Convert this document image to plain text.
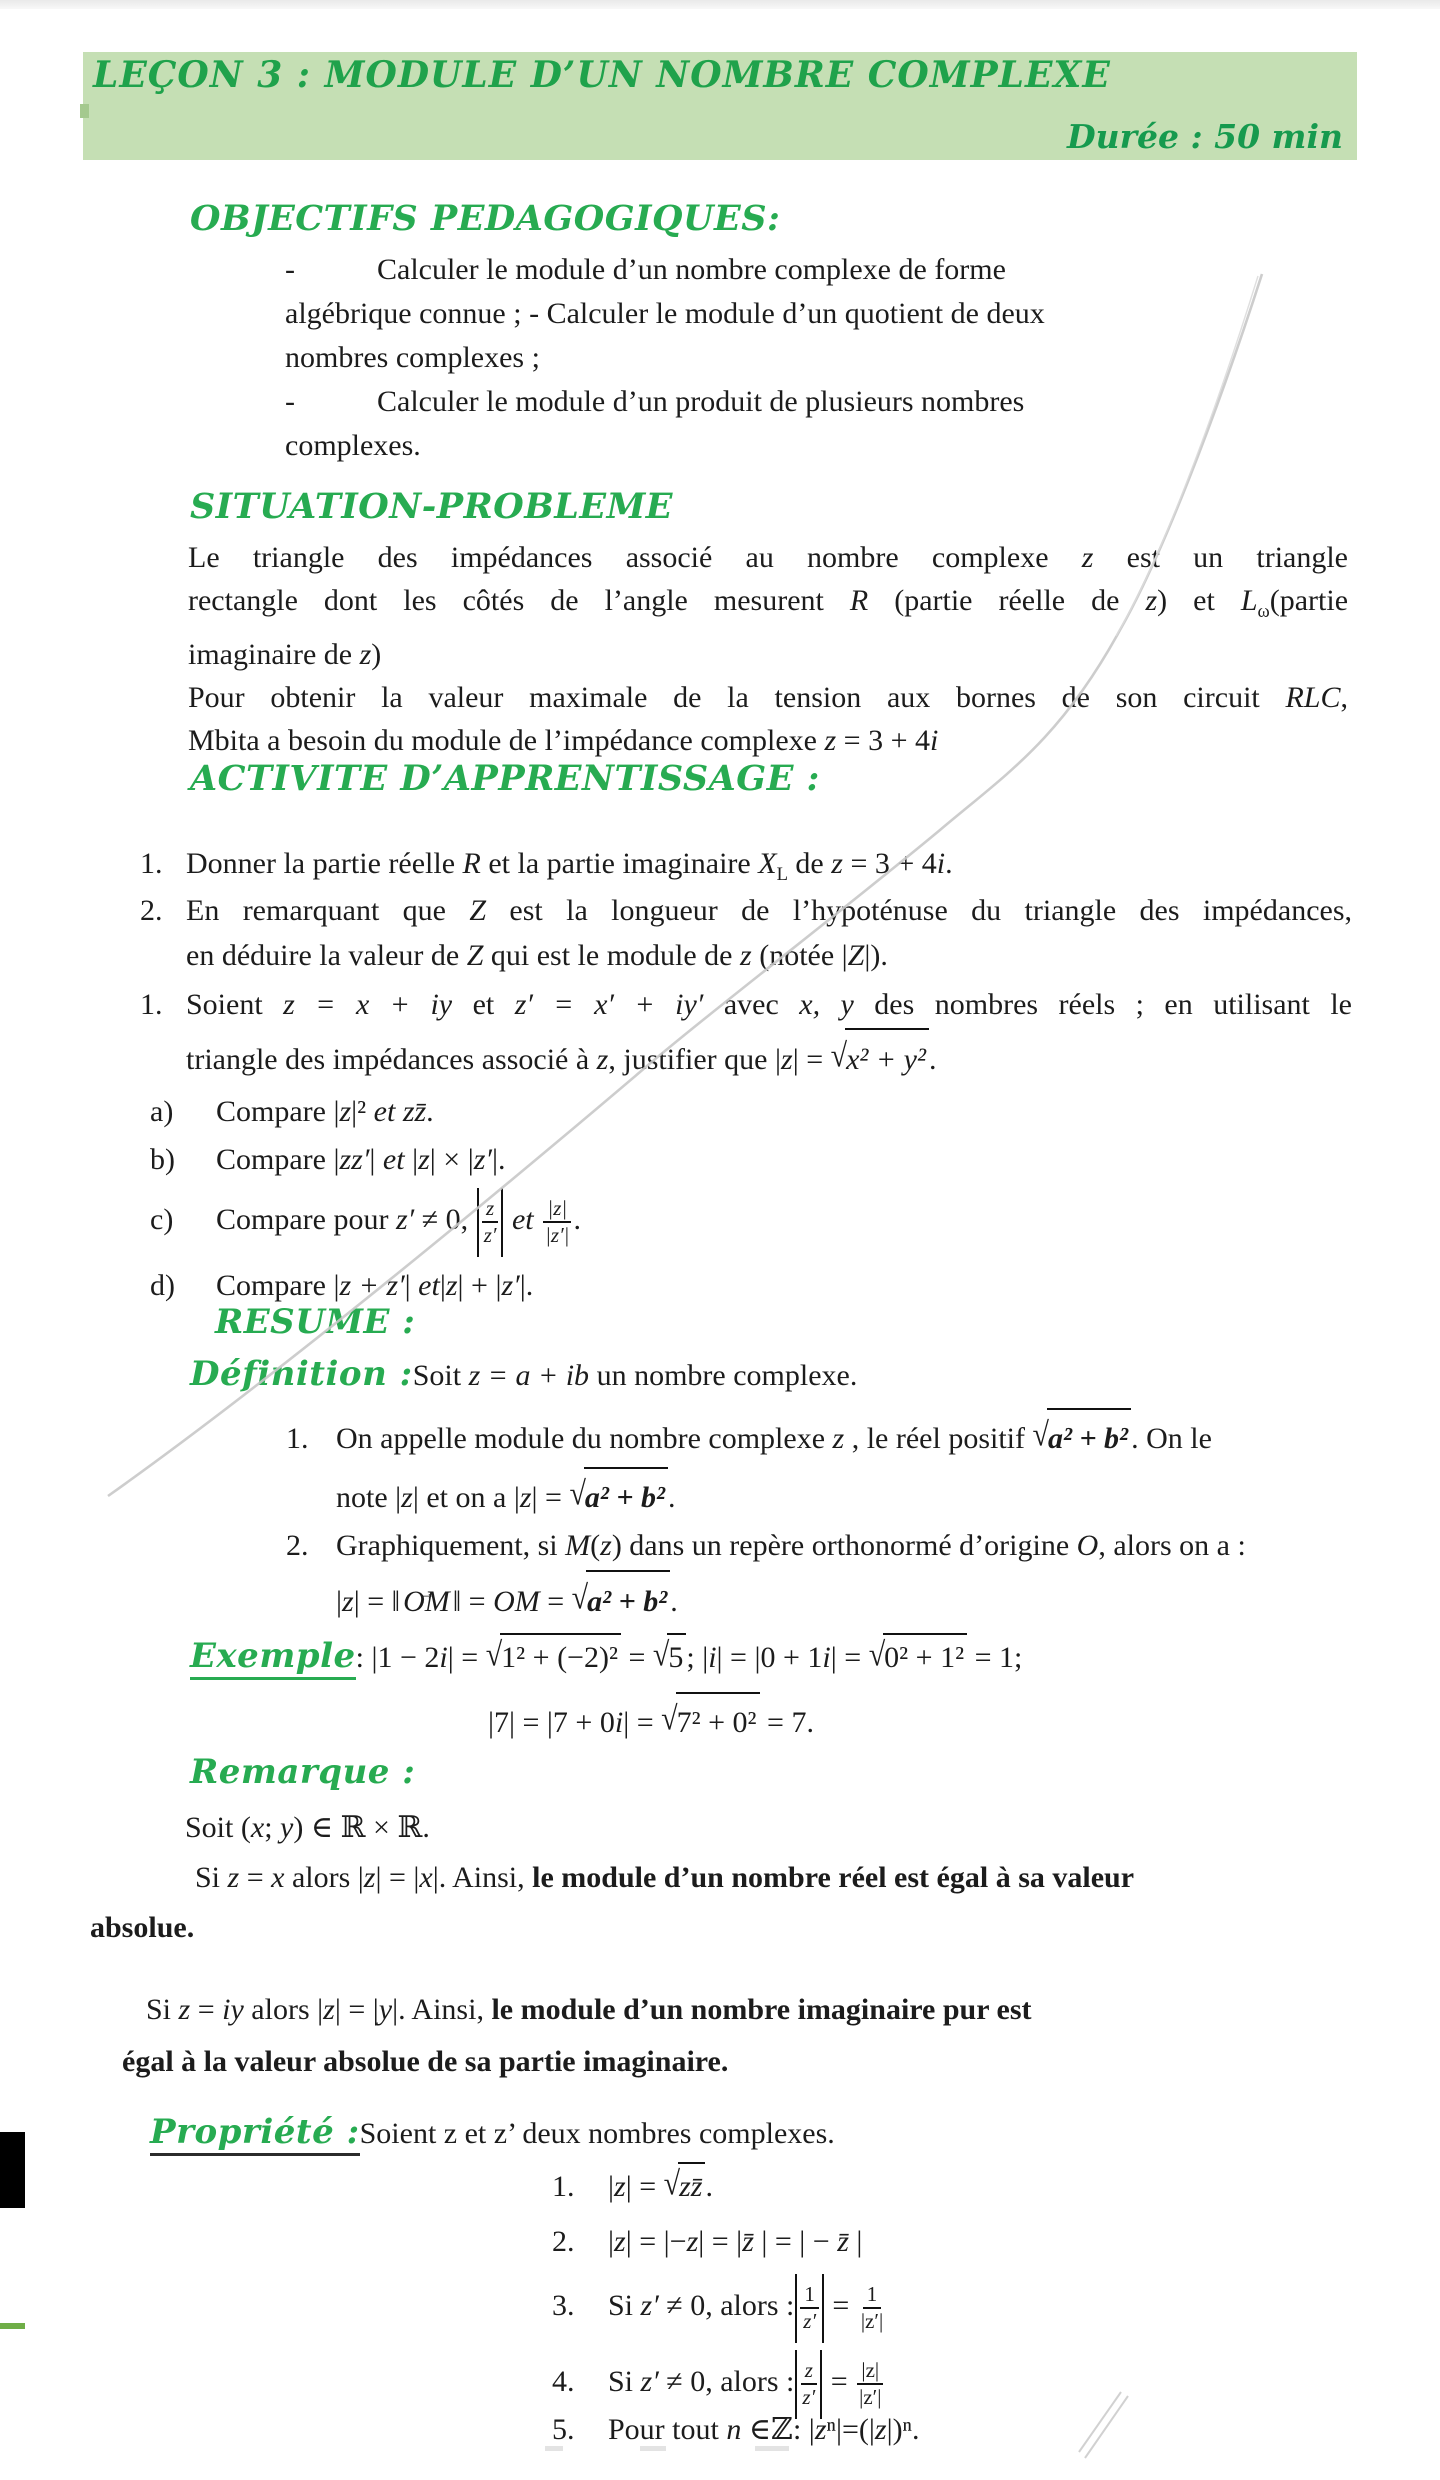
LEÇON 3 : MODULE D’UN NOMBRE COMPLEXE
Durée : 50 min
OBJECTIFS PEDAGOGIQUES:
-	Calculer le module d’un nombre complexe de forme
algébrique connue ; - Calculer le module d’un quotient de deux
nombres complexes ;
-	Calculer le module d’un produit de plusieurs nombres
complexes.
SITUATION-PROBLEME
Le triangle des impédances associé au nombre complexe z est un triangle
rectangle dont les côtés de l’angle mesurent R (partie réelle de z) et $L_\omega(partie$
imaginaire de z)
Pour obtenir la valeur maximale de la tension aux bornes de son circuit RLC,
Mbita a besoin du module de l’impédance complexe z = 3 + 4i
ACTIVITE D’APPRENTISSAGE :
1. Donner la partie réelle R et la partie imaginaire $X_L$ de z = 3 + 4i.
2. En remarquant que Z est la longueur de l’hypoténuse du triangle des impédances,
en déduire la valeur de Z qui est le module de z (notée |Z|).
1. Soient z = x + iy et z′ = x′ + iy′ avec x, y des nombres réels ; en utilisant le
triangle des impédances associé à z, justifier que |z| = √x² + y² .
a)	Compare |z|² et zz̄.
b)	Compare |zz′| et |z| × |z′|.
c)	Compare pour z′ ≠ 0, $\frac{z}{z'}$ et $\frac{|z|}{|z'|}$ .
d)	Compare |z + z′| et|z| + |z′|.
RESUME :
Définition :Soit z = a + ib un nombre complexe.
1. On appelle module du nombre complexe z , le réel positif √a² + b² . On le
note |z| et on a |z| = √a² + b² .
2. Graphiquement, si M(z) dans un repère orthonormé d’origine O, alors on a :
|z| = ‖ OM → ‖ = OM = √a² + b² .
Exemple: |1 − 2i| = √1² + (−2)² = √5 ; |i| = |0 + 1i| = √0² + 1² = 1;
|7| = |7 + 0i| = √7² + 0² = 7.
Remarque :
Soit (x; y) ∈ ℝ × ℝ.
Si z = x alors |z| = |x|. Ainsi, le module d’un nombre réel est égal à sa valeur
absolue.
Si z = iy alors |z| = |y|. Ainsi, le module d’un nombre imaginaire pur est
égal à la valeur absolue de sa partie imaginaire.
Propriété :Soient z et z’ deux nombres complexes.
1.	|z| = √zz̄ .
2.	|z| = |−z| = |z̄ | = | − z̄ |
3.	Si z′ ≠ 0, alors : $\frac{1}{z'} = \frac{1}{|z'|}$
4.	Si z′ ≠ 0, alors : $\frac{z}{z'} = \frac{|z|}{|z'|}$
5.	Pour tout n ∈ℤ: |zⁿ|=(|z|)ⁿ.
